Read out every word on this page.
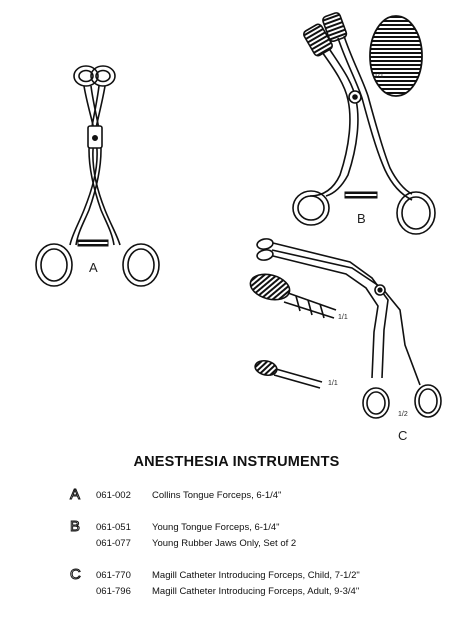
A
B
1/1
C
1/1
1/1
1/2
ANESTHESIA INSTRUMENTS
A 061-002 Collins Tongue Forceps, 6-1/4"
B 061-051 Young Tongue Forceps, 6-1/4"
061-077 Young Rubber Jaws Only, Set of 2
C 061-770 Magill Catheter Introducing Forceps, Child, 7-1/2"
061-796 Magill Catheter Introducing Forceps, Adult, 9-3/4"
